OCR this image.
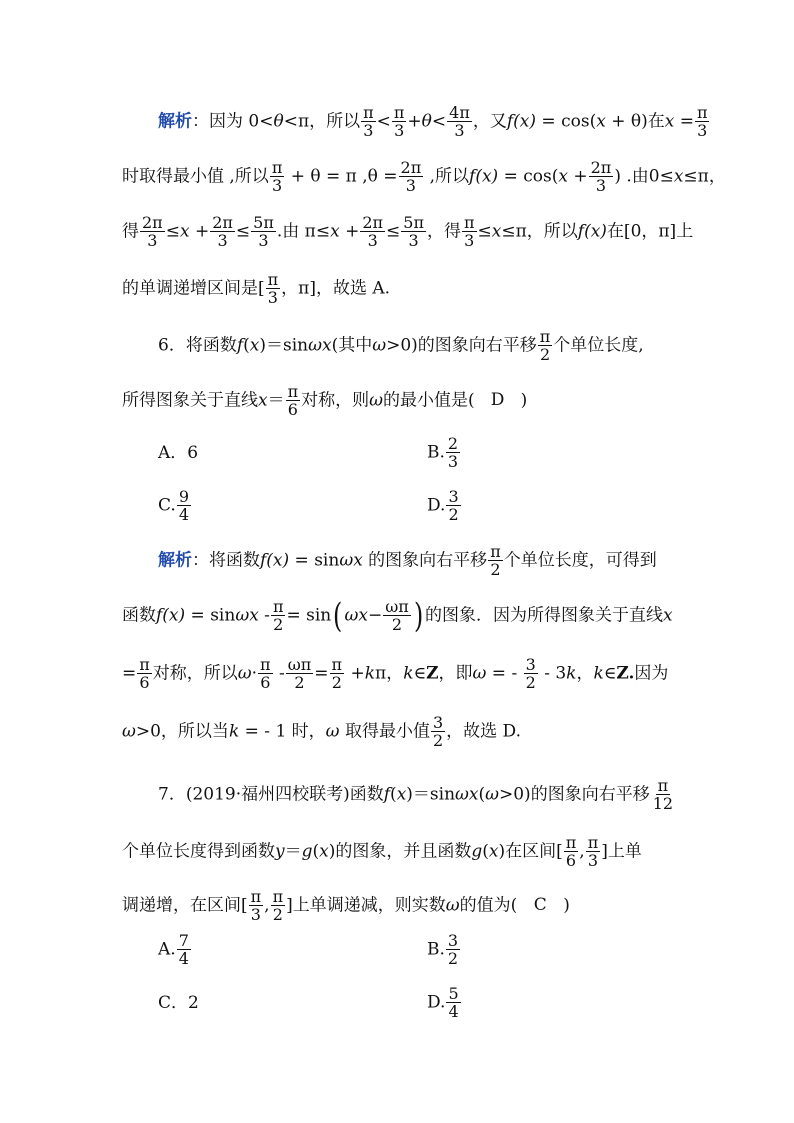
解析：因为 0<θ<π，所以 $\frac{\pi}{3} < \frac{\pi}{3} +\theta< \frac{4\pi}{3}$ ，又f(x) = cos(x + θ)在$x = \frac{\pi}{3}$
时取得最小值 ,所以 $\frac{\pi}{3} + \theta = \pi$ $,\theta = \frac{2\pi}{3}$ ,所以$f(x) = \cos(x + \frac{2\pi}{3}$ ) .由0≤x≤π，
得 $\frac{2\pi}{3} \le x + \frac{2\pi}{3} \le \frac{5\pi}{3}$ .由 $\pi\le x + \frac{2\pi}{3} \le \frac{5\pi}{3}$ ，得 $\frac{\pi}{3} \le x\le\pi$，所以f(x)在[0，π]上
的单调递增区间是[ $\frac{\pi}{3}$ ，π]，故选 A.
6．将函数f(x)＝sinωx(其中ω>0)的图象向右平移 $\frac{\pi}{2}$ 个单位长度,
所得图象关于直线$x= \frac{\pi}{6}$ 对称，则ω的最小值是( D )
A．6	B. $\frac{2}{3}$
C. $\frac{9}{4}$	D. $\frac{3}{2}$
解析：将函数f(x) = sinωx 的图象向右平移 $\frac{\pi}{2}$ 个单位长度，可得到
函数$f(x) = \sin\omega x - \frac{\pi}{2} = \sin$( $\omega x- \frac{\omega\pi}{2}$ ) 的图象．因为所得图象关于直线x
= $\frac{\pi}{6}$ 对称，所以$\omega\cdot \frac{\pi}{6} - \frac{\omega\pi}{2} = \frac{\pi}{2} +k\pi$，k∈Z，即ω = - $\frac{3}{2} - 3k$，k∈Z.因为
ω>0，所以当k = - 1 时，ω 取得最小值 $\frac{3}{2}$ ，故选 D.
7．(2019·福州四校联考)函数f(x)＝sinωx(ω>0)的图象向右平移 $\frac{\pi}{12}$
个单位长度得到函数y＝g(x)的图象，并且函数g(x)在区间[ $\frac{\pi}{6}$ , $\frac{\pi}{3}$ ]上单
调递增，在区间[ $\frac{\pi}{3}$ , $\frac{\pi}{2}$ ]上单调递减，则实数ω的值为( C )
A. $\frac{7}{4}$	B. $\frac{3}{2}$
C．2	D. $\frac{5}{4}$
